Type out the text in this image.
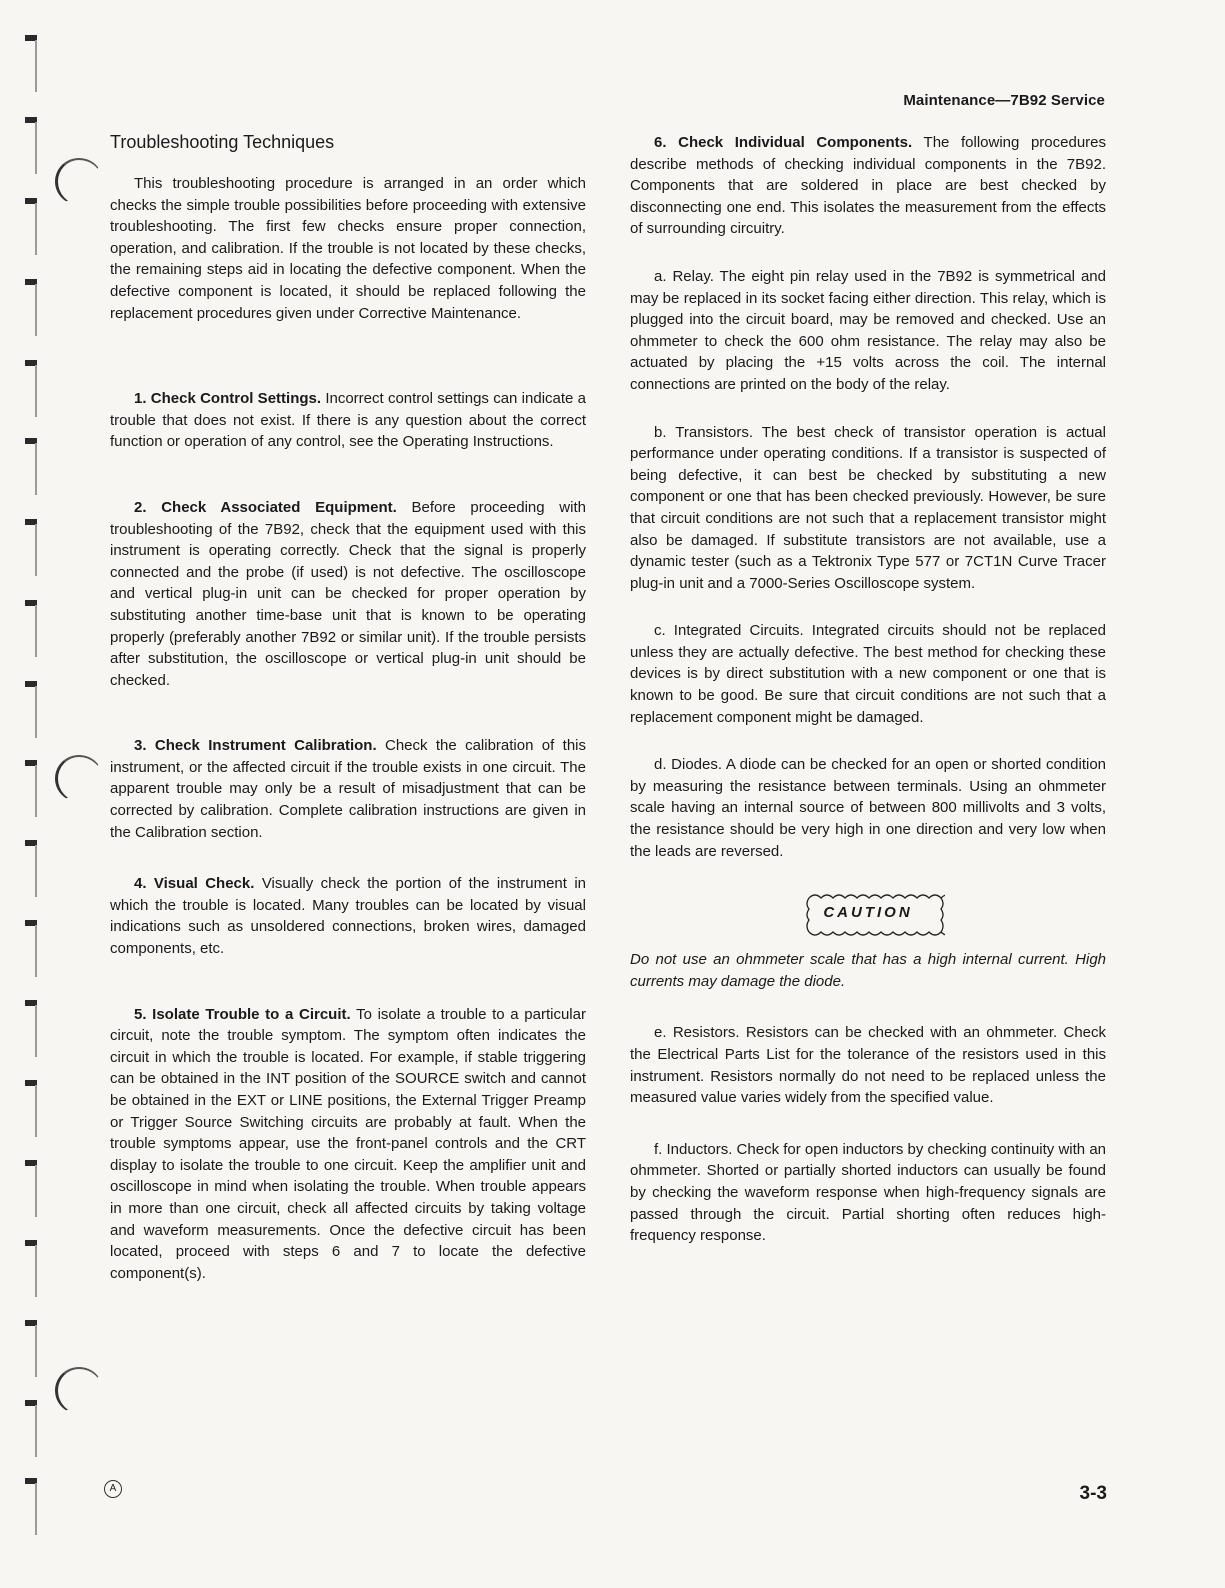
Maintenance—7B92 Service
Troubleshooting Techniques

This troubleshooting procedure is arranged in an order which checks the simple trouble possibilities before proceeding with extensive troubleshooting. The first few checks ensure proper connection, operation, and calibration. If the trouble is not located by these checks, the remaining steps aid in locating the defective component. When the defective component is located, it should be replaced following the replacement procedures given under Corrective Maintenance.

1. Check Control Settings. Incorrect control settings can indicate a trouble that does not exist. If there is any question about the correct function or operation of any control, see the Operating Instructions.

2. Check Associated Equipment. Before proceeding with troubleshooting of the 7B92, check that the equipment used with this instrument is operating correctly. Check that the signal is properly connected and the probe (if used) is not defective. The oscilloscope and vertical plug-in unit can be checked for proper operation by substituting another time-base unit that is known to be operating properly (preferably another 7B92 or similar unit). If the trouble persists after substitution, the oscilloscope or vertical plug-in unit should be checked.

3. Check Instrument Calibration. Check the calibration of this instrument, or the affected circuit if the trouble exists in one circuit. The apparent trouble may only be a result of misadjustment that can be corrected by calibration. Complete calibration instructions are given in the Calibration section.

4. Visual Check. Visually check the portion of the instrument in which the trouble is located. Many troubles can be located by visual indications such as unsoldered connections, broken wires, damaged components, etc.

5. Isolate Trouble to a Circuit. To isolate a trouble to a particular circuit, note the trouble symptom. The symptom often indicates the circuit in which the trouble is located. For example, if stable triggering can be obtained in the INT position of the SOURCE switch and cannot be obtained in the EXT or LINE positions, the External Trigger Preamp or Trigger Source Switching circuits are probably at fault. When the trouble symptoms appear, use the front-panel controls and the CRT display to isolate the trouble to one circuit. Keep the amplifier unit and oscilloscope in mind when isolating the trouble. When trouble appears in more than one circuit, check all affected circuits by taking voltage and waveform measurements. Once the defective circuit has been located, proceed with steps 6 and 7 to locate the defective component(s).

6. Check Individual Components. The following procedures describe methods of checking individual components in the 7B92. Components that are soldered in place are best checked by disconnecting one end. This isolates the measurement from the effects of surrounding circuitry.

a. Relay. The eight pin relay used in the 7B92 is symmetrical and may be replaced in its socket facing either direction. This relay, which is plugged into the circuit board, may be removed and checked. Use an ohmmeter to check the 600 ohm resistance. The relay may also be actuated by placing the +15 volts across the coil. The internal connections are printed on the body of the relay.

b. Transistors. The best check of transistor operation is actual performance under operating conditions. If a transistor is suspected of being defective, it can best be checked by substituting a new component or one that has been checked previously. However, be sure that circuit conditions are not such that a replacement transistor might also be damaged. If substitute transistors are not available, use a dynamic tester (such as a Tektronix Type 577 or 7CT1N Curve Tracer plug-in unit and a 7000-Series Oscilloscope system.

c. Integrated Circuits. Integrated circuits should not be replaced unless they are actually defective. The best method for checking these devices is by direct substitution with a new component or one that is known to be good. Be sure that circuit conditions are not such that a replacement component might be damaged.

d. Diodes. A diode can be checked for an open or shorted condition by measuring the resistance between terminals. Using an ohmmeter scale having an internal source of between 800 millivolts and 3 volts, the resistance should be very high in one direction and very low when the leads are reversed.

CAUTION

Do not use an ohmmeter scale that has a high internal current. High currents may damage the diode.

e. Resistors. Resistors can be checked with an ohmmeter. Check the Electrical Parts List for the tolerance of the resistors used in this instrument. Resistors normally do not need to be replaced unless the measured value varies widely from the specified value.

f. Inductors. Check for open inductors by checking continuity with an ohmmeter. Shorted or partially shorted inductors can usually be found by checking the waveform response when high-frequency signals are passed through the circuit. Partial shorting often reduces high-frequency response.

A	3-3
